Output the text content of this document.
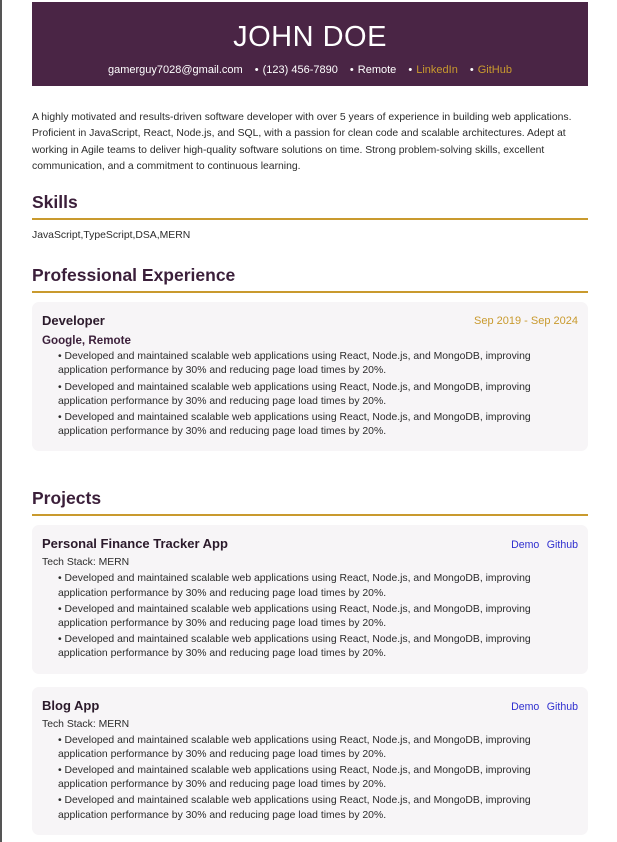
JOHN DOE
gamerguy7028@gmail.com • (123) 456-7890 • Remote • LinkedIn • GitHub
A highly motivated and results-driven software developer with over 5 years of experience in building web applications. Proficient in JavaScript, React, Node.js, and SQL, with a passion for clean code and scalable architectures. Adept at working in Agile teams to deliver high-quality software solutions on time. Strong problem-solving skills, excellent communication, and a commitment to continuous learning.
Skills
JavaScript,TypeScript,DSA,MERN
Professional Experience
Developer	Sep 2019 - Sep 2024
Google, Remote
• Developed and maintained scalable web applications using React, Node.js, and MongoDB, improving application performance by 30% and reducing page load times by 20%.
• Developed and maintained scalable web applications using React, Node.js, and MongoDB, improving application performance by 30% and reducing page load times by 20%.
• Developed and maintained scalable web applications using React, Node.js, and MongoDB, improving application performance by 30% and reducing page load times by 20%.
Projects
Personal Finance Tracker App	Demo Github
Tech Stack: MERN
• Developed and maintained scalable web applications using React, Node.js, and MongoDB, improving application performance by 30% and reducing page load times by 20%.
• Developed and maintained scalable web applications using React, Node.js, and MongoDB, improving application performance by 30% and reducing page load times by 20%.
• Developed and maintained scalable web applications using React, Node.js, and MongoDB, improving application performance by 30% and reducing page load times by 20%.
Blog App	Demo Github
Tech Stack: MERN
• Developed and maintained scalable web applications using React, Node.js, and MongoDB, improving application performance by 30% and reducing page load times by 20%.
• Developed and maintained scalable web applications using React, Node.js, and MongoDB, improving application performance by 30% and reducing page load times by 20%.
• Developed and maintained scalable web applications using React, Node.js, and MongoDB, improving application performance by 30% and reducing page load times by 20%.
